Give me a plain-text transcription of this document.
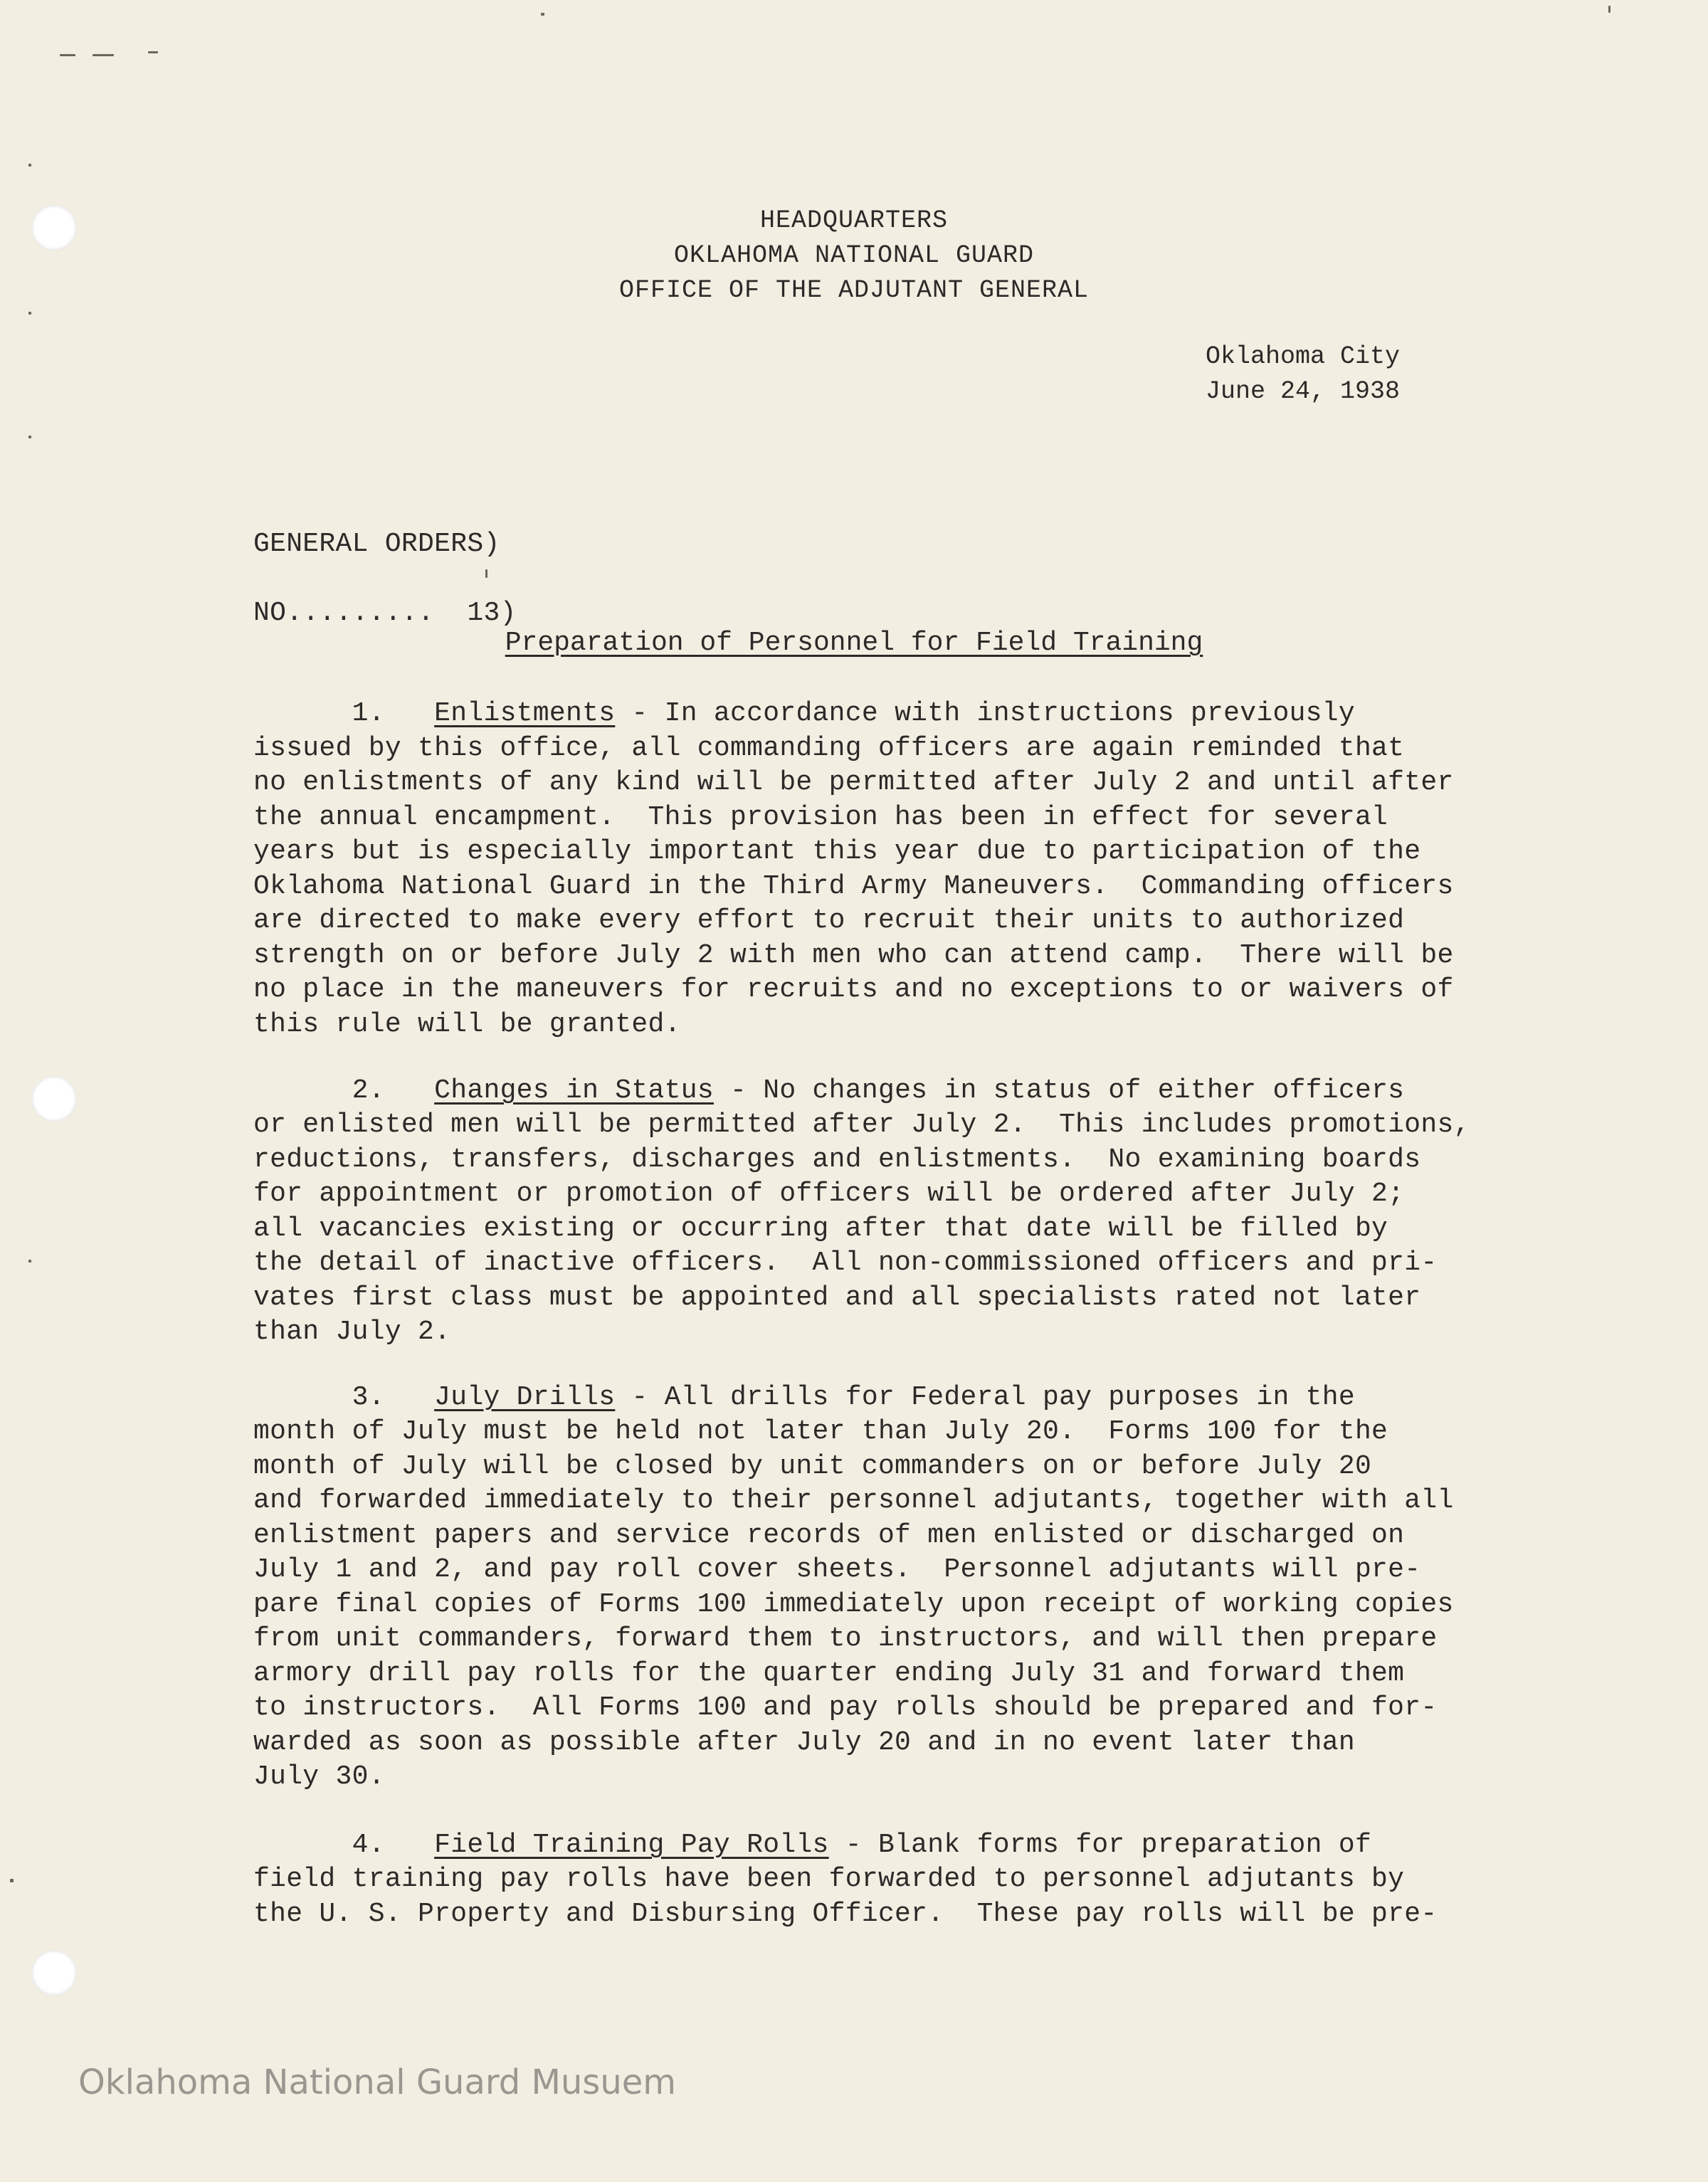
HEADQUARTERS
OKLAHOMA NATIONAL GUARD
OFFICE OF THE ADJUTANT GENERAL
Oklahoma City
June 24, 1938
GENERAL ORDERS)
NO.........  13)
Preparation of Personnel for Field Training
1. Enlistments - In accordance with instructions previously
issued by this office, all commanding officers are again reminded that
no enlistments of any kind will be permitted after July 2 and until after
the annual encampment.  This provision has been in effect for several
years but is especially important this year due to participation of the
Oklahoma National Guard in the Third Army Maneuvers.  Commanding officers
are directed to make every effort to recruit their units to authorized
strength on or before July 2 with men who can attend camp.  There will be
no place in the maneuvers for recruits and no exceptions to or waivers of
this rule will be granted.
2. Changes in Status - No changes in status of either officers
or enlisted men will be permitted after July 2.  This includes promotions,
reductions, transfers, discharges and enlistments.  No examining boards
for appointment or promotion of officers will be ordered after July 2;
all vacancies existing or occurring after that date will be filled by
the detail of inactive officers.  All non-commissioned officers and pri-
vates first class must be appointed and all specialists rated not later
than July 2.
3. July Drills - All drills for Federal pay purposes in the
month of July must be held not later than July 20.  Forms 100 for the
month of July will be closed by unit commanders on or before July 20
and forwarded immediately to their personnel adjutants, together with all
enlistment papers and service records of men enlisted or discharged on
July 1 and 2, and pay roll cover sheets.  Personnel adjutants will pre-
pare final copies of Forms 100 immediately upon receipt of working copies
from unit commanders, forward them to instructors, and will then prepare
armory drill pay rolls for the quarter ending July 31 and forward them
to instructors.  All Forms 100 and pay rolls should be prepared and for-
warded as soon as possible after July 20 and in no event later than
July 30.
4. Field Training Pay Rolls - Blank forms for preparation of
field training pay rolls have been forwarded to personnel adjutants by
the U. S. Property and Disbursing Officer.  These pay rolls will be pre-
Oklahoma National Guard Musuem
